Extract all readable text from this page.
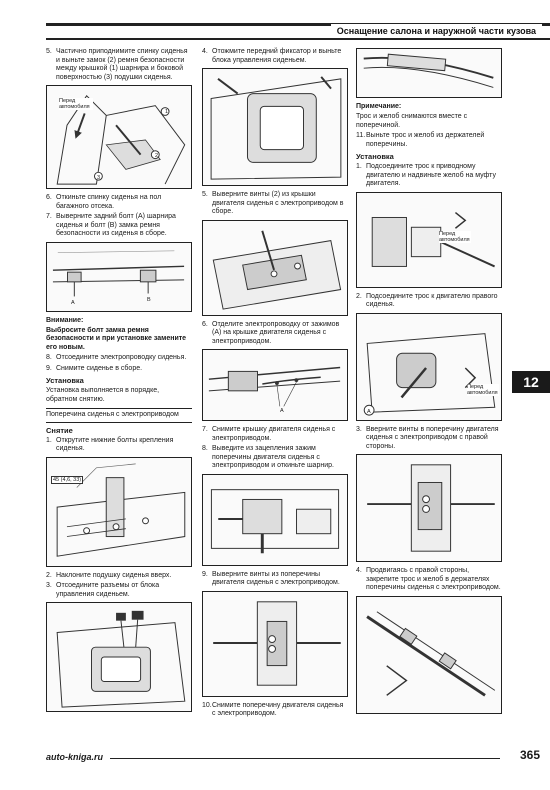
Оснащение салона и наружной части кузова
12
5. Частично приподнимите спинку сиденья и выньте замок (2) ремня безопасности между крышкой (1) шарнира и боковой поверхностью (3) подушки сиденья.
Перед автомобиля
1
2
3
6. Откиньте спинку сиденья на пол багажного отсека.
7. Выверните задний болт (A) шарнира сиденья и болт (B) замка ремня безопасности из сиденья в сборе.
A	B
Внимание:
Выбросите болт замка ремня безопасности и при установке замените его новым.
8. Отсоедините электропроводку сиденья.
9. Снимите сиденье в сборе.
Установка
Установка выполняется в порядке, обратном снятию.
Поперечина сиденья с электроприводом
Снятие
1. Открутите нижние болты крепления сиденья.
45 (4,6, 33)
2. Наклоните подушку сиденья вверх.
3. Отсоедините разъемы от блока управления сиденьем.
4. Отожмите передний фиксатор и выньте блока управления сиденьем.
5. Выверните винты (2) из крышки двигателя сиденья с электроприводом в сборе.
6. Отделите электропроводку от зажимов (A) на крышке двигателя сиденья с электроприводом.
A
7. Снимите крышку двигателя сиденья с электроприводом.
8. Выведите из зацепления зажим поперечины двигателя сиденья с электроприводом и откиньте шарнир.
9. Выверните винты из поперечины двигателя сиденья с электроприводом.
10. Снимите поперечину двигателя сиденья с электроприводом.
Примечание:
Трос и желоб снимаются вместе с поперечиной.
11. Выньте трос и желоб из держателей поперечины.
Установка
1. Подсоедините трос к приводному двигателю и надвиньте желоб на муфту двигателя.
Перед автомобиля
2. Подсоедините трос к двигателю правого сиденья.
Перед автомобиля
A
3. Вверните винты в поперечину двигателя сиденья с электроприводом с правой стороны.
4. Продвигаясь с правой стороны, закрепите трос и желоб в держателях поперечины сиденья с электроприводом.
auto-kniga.ru	365
